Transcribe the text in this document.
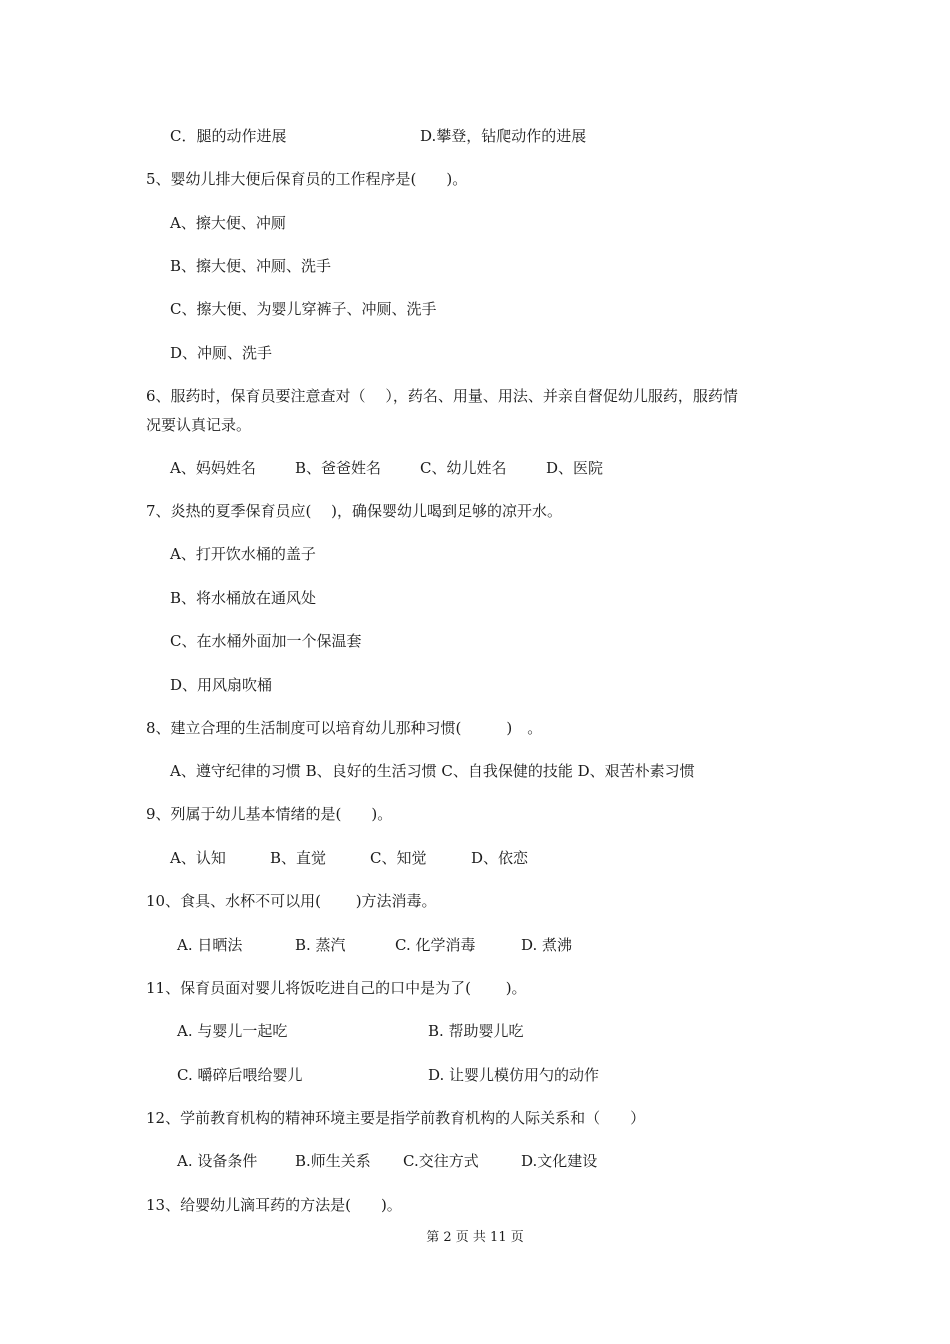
C．腿的动作进展	D.攀登，钻爬动作的进展
5、婴幼儿排大便后保育员的工作程序是(　　)。
A、擦大便、冲厕
B、擦大便、冲厕、洗手
C、擦大便、为婴儿穿裤子、冲厕、洗手
D、冲厕、洗手
6、服药时，保育员要注意查对（　 ），药名、用量、用法、并亲自督促幼儿服药，服药情
况要认真记录。
A、妈妈姓名	B、爸爸姓名	C、幼儿姓名	D、医院
7、炎热的夏季保育员应(　 )，确保婴幼儿喝到足够的凉开水。
A、打开饮水桶的盖子
B、将水桶放在通风处
C、在水桶外面加一个保温套
D、用风扇吹桶
8、建立合理的生活制度可以培育幼儿那种习惯(　　　)　。
A、遵守纪律的习惯 B、良好的生活习惯 C、自我保健的技能 D、艰苦朴素习惯
9、列属于幼儿基本情绪的是(　　)。
A、认知	B、直觉	C、知觉	D、依恋
10、食具、水杯不可以用(　　 )方法消毒。
A. 日晒法	B. 蒸汽	C. 化学消毒	D. 煮沸
11、保育员面对婴儿将饭吃进自己的口中是为了(　　 )。
A. 与婴儿一起吃	B. 帮助婴儿吃
C. 嚼碎后喂给婴儿	D. 让婴儿模仿用勺的动作
12、学前教育机构的精神环境主要是指学前教育机构的人际关系和（　　）
A. 设备条件	B.师生关系 C.交往方式	D.文化建设
13、给婴幼儿滴耳药的方法是(　　)。
第 2 页 共 11 页
